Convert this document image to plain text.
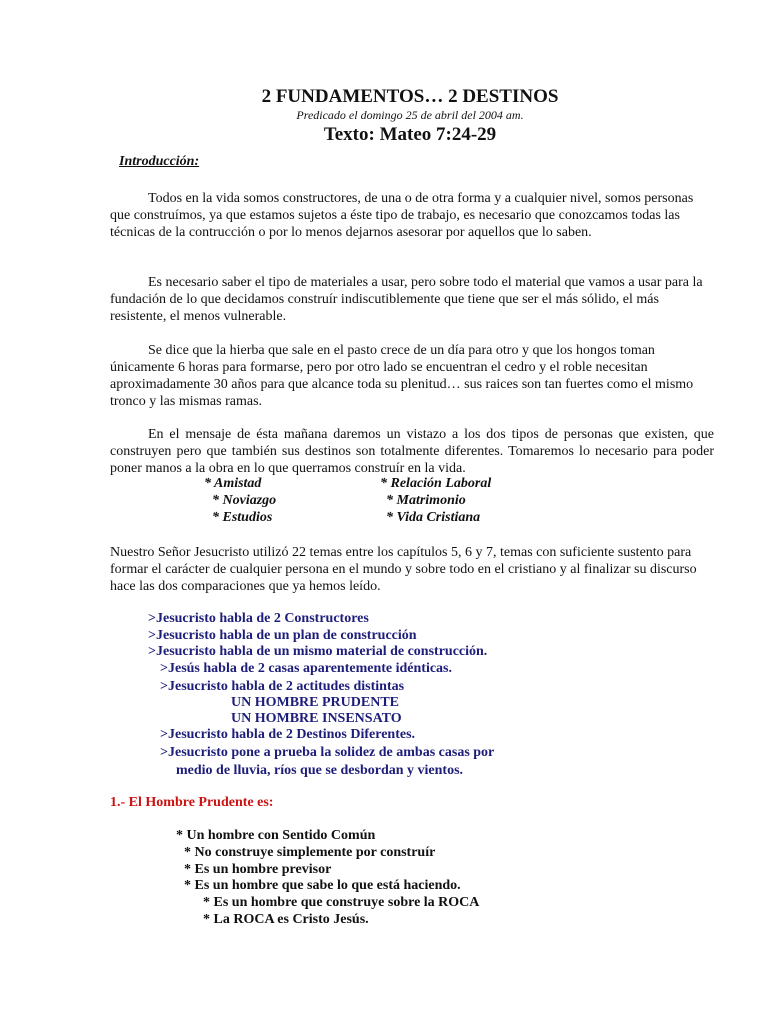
2 FUNDAMENTOS… 2 DESTINOS
Predicado el domingo 25 de abril del 2004 am.
Texto: Mateo 7:24-29
Introducción:

Todos en la vida somos constructores, de una o de otra forma y a cualquier nivel, somos personas que construímos, ya que estamos sujetos a éste tipo de trabajo, es necesario que conozcamos todas las técnicas de la contrucción o por lo menos dejarnos asesorar por aquellos que lo saben.

Es necesario saber el tipo de materiales a usar, pero sobre todo el material que vamos a usar para la fundación de lo que decidamos construír indiscutiblemente que tiene que ser el más sólido, el más resistente, el menos vulnerable.

Se dice que la hierba que sale en el pasto crece de un día para otro y que los hongos toman únicamente 6 horas para formarse, pero por otro lado se encuentran el cedro y el roble necesitan aproximadamente 30 años para que alcance toda su plenitud… sus raices son tan fuertes como el mismo tronco y las mismas ramas.

En el mensaje de ésta mañana daremos un vistazo a los dos tipos de personas que existen, que construyen pero que también sus destinos son totalmente diferentes. Tomaremos lo necesario para poder poner manos a la obra en lo que querramos construír en la vida.

* Amistad
* Noviazgo
* Estudios
* Relación Laboral
* Matrimonio
* Vida Cristiana

Nuestro Señor Jesucristo utilizó 22 temas entre los capítulos 5, 6 y 7, temas con suficiente sustento para formar el carácter de cualquier persona en el mundo y sobre todo en el cristiano y al finalizar su discurso hace las dos comparaciones que ya hemos leído.

>Jesucristo habla de 2 Constructores
>Jesucristo habla de un plan de construcción
>Jesucristo habla de un mismo material de construcción.
>Jesús habla de 2 casas aparentemente idénticas.
>Jesucristo habla de 2 actitudes distintas
UN HOMBRE PRUDENTE
UN HOMBRE INSENSATO
>Jesucristo habla de 2 Destinos Diferentes.
>Jesucristo pone a prueba la solidez de ambas casas por
medio de lluvia, ríos que se desbordan y vientos.
1.- El Hombre Prudente es:
* Un hombre con Sentido Común
* No construye simplemente por construír
* Es un hombre previsor
* Es un hombre que sabe lo que está haciendo.
* Es un hombre que construye sobre la ROCA
* La ROCA es Cristo Jesús.
